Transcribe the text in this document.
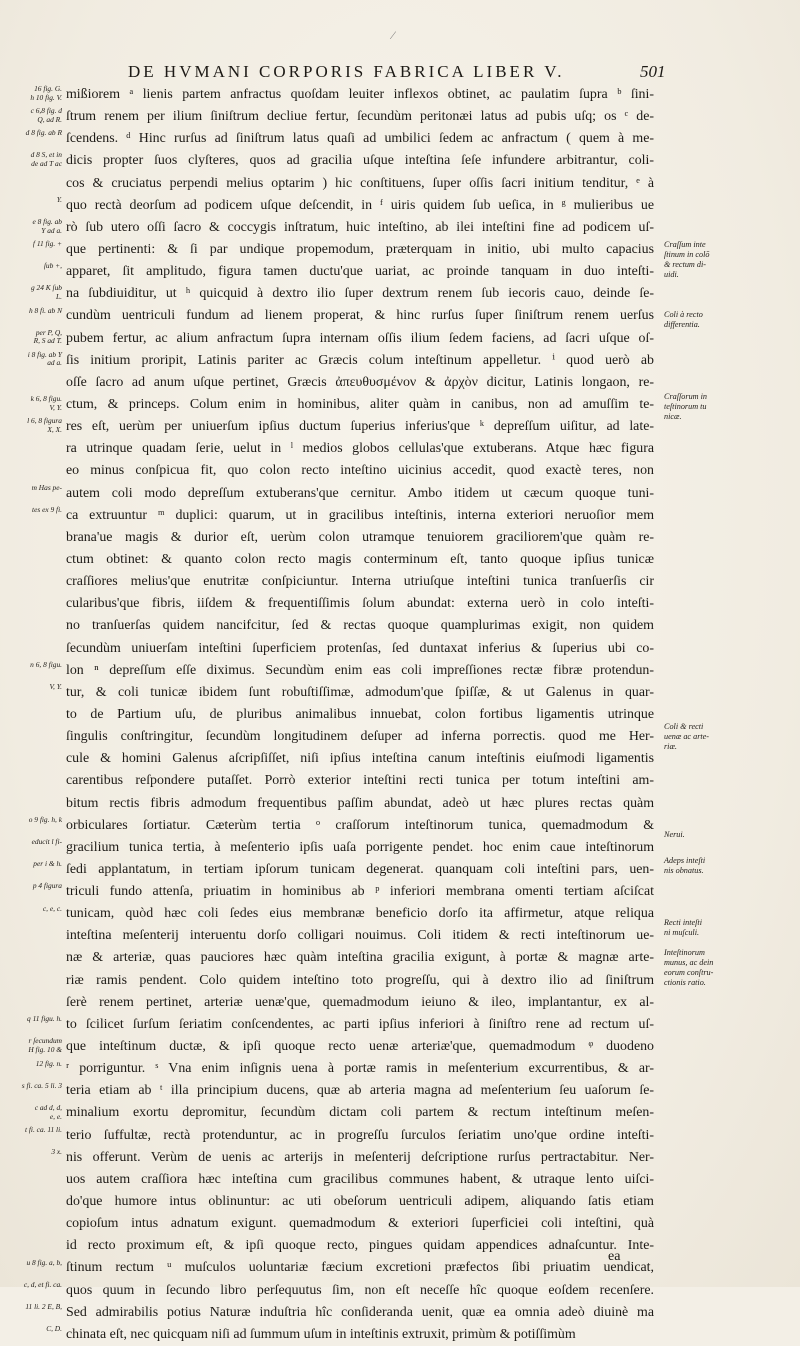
⁄
DE HVMANI CORPORIS FABRICA LIBER V.	501
16 fig. G.
h 10 fig. V.
c 6,8 fig. d
Q, ad R.
d 8 fig. ab R
d 8 S, et in
de ad T ac
Y.
e 8 fig. ab
Y ad a.
f 11 fig. +
ſub +,
g 24 K ſub
L.
h 8 fi. ab N
per P, Q,
R, S ad T.
i 8 fig. ab Y
ad a.
k 6, 8 figu.
V, Y.
l 6, 8 figura
X, X.
m Has pe-
tes ex 9 fi.
n 6, 8 figu.
V, Y.
o 9 fig. h, k
educit l fi-
per i & h.
p 4 figura
c, e, c.
q 11 figu. h.
r ſecundum
H fig. 10 &
12 fig. n.
s fi. ca. 5 li. 3
c ad d, d,
e, e.
t fi. ca. 11 li.
3 x.
u 8 fig. a, b,
c, d, et fi. ca.
11 li. 2 E, B,
C, D.
mißiorem ᵃ lienis partem anfractus quoſdam leuiter inflexos obtinet, ac paulatim ſupra ᵇ ſini-
ſtrum renem per ilium ſiniſtrum decliue fertur, ſecundùm peritonæi latus ad pubis uſq; os ᶜ de-
ſcendens. ᵈ Hinc rurſus ad ſiniſtrum latus quaſi ad umbilici ſedem ac anfractum ( quem à me-
dicis propter ſuos clyſteres, quos ad gracilia uſque inteſtina ſeſe infundere arbitrantur, coli-
cos & cruciatus perpendi melius optarim ) hic conſtituens, ſuper oſſis ſacri initium tenditur, ᵉ à
quo rectà deorſum ad podicem uſque deſcendit, in ᶠ uiris quidem ſub ueſica, in ᵍ mulieribus ue
rò ſub utero oſſi ſacro & coccygis inſtratum, huic inteſtino, ab ilei inteſtini fine ad podicem uſ-
que pertinenti: & ſi par undique propemodum, præterquam in initio, ubi multo capacius
apparet, ſit amplitudo, figura tamen ductu'que uariat, ac proinde tanquam in duo inteſti-
na ſubdiuiditur, ut ʰ quicquid à dextro ilio ſuper dextrum renem ſub iecoris cauo, deinde ſe-
cundùm uentriculi fundum ad lienem properat, & hinc rurſus ſuper ſiniſtrum renem uerſus
pubem fertur, ac alium anfractum ſupra internam oſſis ilium ſedem faciens, ad ſacri uſque oſ-
ſis initium proripit, Latinis pariter ac Græcis colum inteſtinum appelletur. ⁱ quod uerò ab
oſſe ſacro ad anum uſque pertinet, Græcis ἀπευθυσμένον & ἀρχὸν dicitur, Latinis longaon, re-
ctum, & princeps. Colum enim in hominibus, aliter quàm in canibus, non ad amuſſim te-
res eſt, uerùm per uniuerſum ipſius ductum ſuperius inferius'que ᵏ depreſſum uiſitur, ad late-
ra utrinque quadam ſerie, uelut in ˡ medios globos cellulas'que extuberans. Atque hæc figura
eo minus conſpicua fit, quo colon recto inteſtino uicinius accedit, quod exactè teres, non
autem coli modo depreſſum extuberans'que cernitur. Ambo itidem ut cæcum quoque tuni-
ca extruuntur ᵐ duplici: quarum, ut in gracilibus inteſtinis, interna exteriori neruoſior mem
brana'ue magis & durior eſt, uerùm colon utramque tenuiorem graciliorem'que quàm re-
ctum obtinet: & quanto colon recto magis conterminum eſt, tanto quoque ipſius tunicæ
craſſiores melius'que enutritæ conſpiciuntur. Interna utriuſque inteſtini tunica tranſuerſis cir
cularibus'que fibris, iiſdem & frequentiſſimis ſolum abundat: externa uerò in colo inteſti-
no tranſuerſas quidem nancifcitur, ſed & rectas quoque quamplurimas exigit, non quidem
ſecundùm uniuerſam inteſtini ſuperficiem protenſas, ſed duntaxat inferius & ſuperius ubi co-
lon ⁿ depreſſum eſſe diximus. Secundùm enim eas coli impreſſiones rectæ fibræ protendun-
tur, & coli tunicæ ibidem ſunt robuſtiſſimæ, admodum'que ſpiſſæ, & ut Galenus in quar-
to de Partium uſu, de pluribus animalibus innuebat, colon fortibus ligamentis utrinque
ſingulis conſtringitur, ſecundùm longitudinem deſuper ad inferna porrectis. quod me Her-
cule & homini Galenus aſcripſiſſet, niſi ipſius inteſtina canum inteſtinis eiuſmodi ligamentis
carentibus reſpondere putaſſet. Porrò exterior inteſtini recti tunica per totum inteſtini am-
bitum rectis fibris admodum frequentibus paſſim abundat, adeò ut hæc plures rectas quàm
orbiculares ſortiatur. Cæterùm tertia ᵒ craſſorum inteſtinorum tunica, quemadmodum &
gracilium tunica tertia, à meſenterio ipſis uaſa porrigente pendet. hoc enim caue inteſtinorum
ſedi applantatum, in tertiam ipſorum tunicam degenerat. quanquam coli inteſtini pars, uen-
triculi fundo attenſa, priuatim in hominibus ab ᵖ inferiori membrana omenti tertiam aſciſcat
tunicam, quòd hæc coli ſedes eius membranæ beneficio dorſo ita affirmetur, atque reliqua
inteſtina meſenterij interuentu dorſo colligari nouimus. Coli itidem & recti inteſtinorum ue-
næ & arteriæ, quas pauciores hæc quàm inteſtina gracilia exigunt, à portæ & magnæ arte-
riæ ramis pendent. Colo quidem inteſtino toto progreſſu, qui à dextro ilio ad ſiniſtrum
ſerè renem pertinet, arteriæ uenæ'que, quemadmodum ieiuno & ileo, implantantur, ex al-
to ſcilicet ſurſum ſeriatim conſcendentes, ac parti ipſius inferiori à ſiniſtro rene ad rectum uſ-
que inteſtinum ductæ, & ipſi quoque recto uenæ arteriæ'que, quemadmodum ᵠ duodeno
ʳ porriguntur. ˢ Vna enim inſignis uena à portæ ramis in meſenterium excurrentibus, & ar-
teria etiam ab ᵗ illa principium ducens, quæ ab arteria magna ad meſenterium ſeu uaſorum ſe-
minalium exortu depromitur, ſecundùm dictam coli partem & rectum inteſtinum meſen-
terio ſuffultæ, rectà protenduntur, ac in progreſſu ſurculos ſeriatim uno'que ordine inteſti-
nis offerunt. Verùm de uenis ac arterijs in meſenterij deſcriptione rurſus pertractabitur. Ner-
uos autem craſſiora hæc inteſtina cum gracilibus communes habent, & utraque lento uiſci-
do'que humore intus oblinuntur: ac uti obeſorum uentriculi adipem, aliquando ſatis etiam
copioſum intus adnatum exigunt. quemadmodum & exteriori ſuperficiei coli inteſtini, quà
id recto proximum eſt, & ipſi quoque recto, pingues quidam appendices adnaſcuntur. Inte-
ſtinum rectum ᵘ muſculos uoluntariæ fæcium excretioni præfectos ſibi priuatim uendicat,
quos quum in ſecundo libro perſequutus ſim, non eſt neceſſe hîc quoque eoſdem recenſere.
Sed admirabilis potius Naturæ induſtria hîc conſideranda uenit, quæ ea omnia adeò diuinè ma
chinata eſt, nec quicquam niſi ad ſummum uſum in inteſtinis extruxit, primùm & potiſſimùm
Craſſum inte
ſtinum in colō
& rectum di-
uidi.
Coli à recto
differentia.
Craſſorum in
teſtinorum tu
nicæ.
Coli & recti
uenæ ac arte-
riæ.
Nerui.
Adeps inteſti
nis obnatus.
Recti inteſti
ni muſculi.
Inteſtinorum
munus, ac dein
eorum conſtru-
ctionis ratio.
ea
